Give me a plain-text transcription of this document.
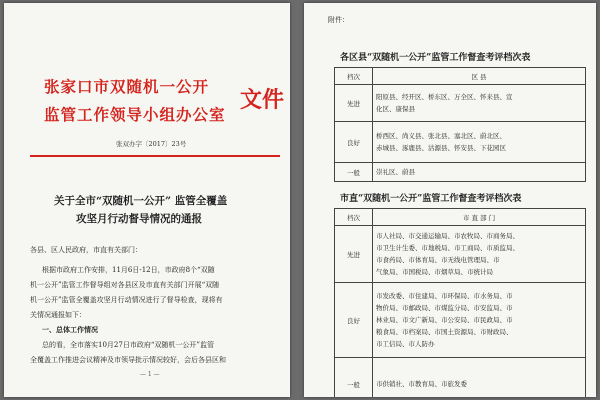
张家口市双随机一公开
监管工作领导小组办公室
文件
张双办字〔2017〕23号
关于全市“双随机一公开” 监管全覆盖
攻坚月行动督导情况的通报
各县、区人民政府，市直有关部门：
根据市政府工作安排，11月6日-12日，市政府8个“双随
机一公开”监管工作督导组对各县区及市直有关部门开展“双随
机一公开”监管全覆盖攻坚月行动情况进行了督导检查，现将有
关情况通报如下：
一、总体工作情况
总的看，全市落实10月27日市政府“双随机一公开”监管
全覆盖工作推进会议精神及市领导批示情况较好，会后各县区和
— 1 —
附件：
各区县“双随机一公开”监管工作督查考评档次表
档次	区 县
先进	阳原县、经开区、桥东区、万全区、怀来县、宣
化区、康保县

良好	桥西区、尚义县、张北县、塞北区、蔚北区、
赤城县、涿鹿县、沽源县、怀安县、下花园区

一般	崇礼区、蔚县
市直“双随机一公开”监管工作督查考评档次表
档次	市 直 部 门
先进	市人社局、市交通运输局、市农牧局、市商务局、
市卫生计生委、市地税局、市工商局、市质监局、
市食药局、市体育局、市无线电管理局、市
气象局、市国税局、市烟草局、市统计局

良好	市发改委、市住建局、市环保局、市水务局、市
物价局、市邮政局、市煤监分局、市安监局、市
林业局、市文广新局、市公安局、市民政局、市
粮食局、市档案局、市国土资源局、市财政局、
市工信局、市人防办

一般	市供销社、市教育局、市旅发委
